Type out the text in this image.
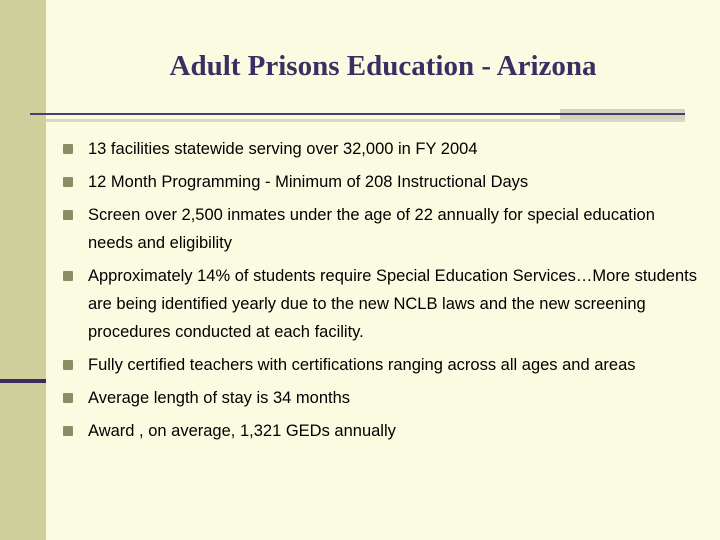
Adult Prisons Education - Arizona
13 facilities statewide serving over 32,000 in FY 2004
12 Month Programming - Minimum of 208 Instructional Days
Screen over 2,500 inmates under the age of 22 annually for special education needs and eligibility
Approximately 14% of students require Special Education Services…More students are being identified yearly due to the new NCLB laws and the new screening procedures conducted at each facility.
Fully certified teachers with certifications ranging across all ages and areas
Average length of stay is 34 months
Award , on average, 1,321 GEDs annually
